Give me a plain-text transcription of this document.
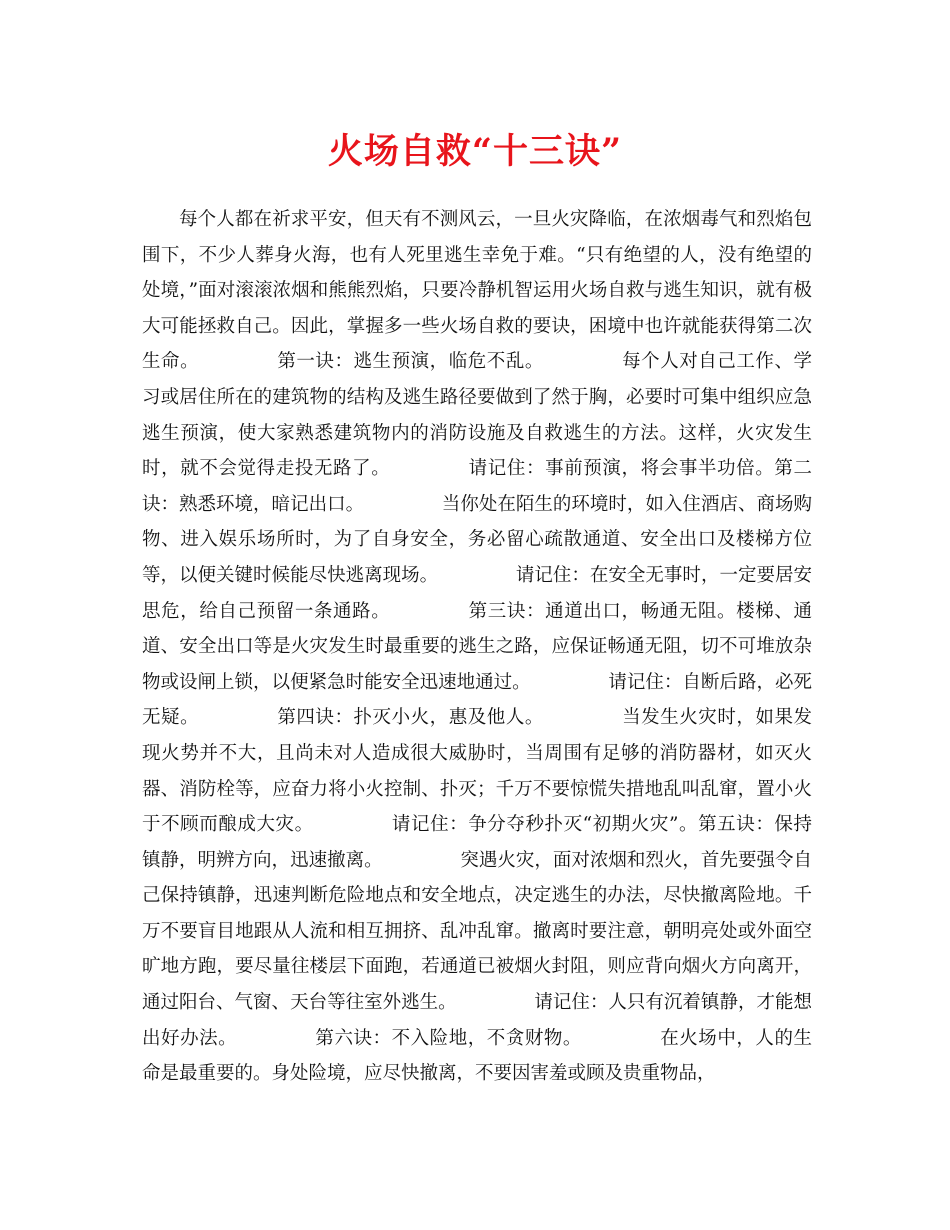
火场自救“十三诀”

每个人都在祈求平安，但天有不测风云，一旦火灾降临，在浓烟毒气和烈焰包围下，不少人葬身火海，也有人死里逃生幸免于难。“只有绝望的人，没有绝望的处境，”面对滚滚浓烟和熊熊烈焰，只要冷静机智运用火场自救与逃生知识，就有极大可能拯救自己。因此，掌握多一些火场自救的要诀，困境中也许就能获得第二次生命。	第一诀：逃生预演，临危不乱。	每个人对自己工作、学习或居住所在的建筑物的结构及逃生路径要做到了然于胸，必要时可集中组织应急逃生预演，使大家熟悉建筑物内的消防设施及自救逃生的方法。这样，火灾发生时，就不会觉得走投无路了。	请记住：事前预演，将会事半功倍。第二诀：熟悉环境，暗记出口。	当你处在陌生的环境时，如入住酒店、商场购物、进入娱乐场所时，为了自身安全，务必留心疏散通道、安全出口及楼梯方位等，以便关键时候能尽快逃离现场。	请记住：在安全无事时，一定要居安思危，给自己预留一条通路。	第三诀：通道出口，畅通无阻。楼梯、通道、安全出口等是火灾发生时最重要的逃生之路，应保证畅通无阻，切不可堆放杂物或设闸上锁，以便紧急时能安全迅速地通过。	请记住：自断后路，必死无疑。	第四诀：扑灭小火，惠及他人。	当发生火灾时，如果发现火势并不大，且尚未对人造成很大威胁时，当周围有足够的消防器材，如灭火器、消防栓等，应奋力将小火控制、扑灭；千万不要惊慌失措地乱叫乱窜，置小火于不顾而酿成大灾。	请记住：争分夺秒扑灭“初期火灾”。第五诀：保持镇静，明辨方向，迅速撤离。	突遇火灾，面对浓烟和烈火，首先要强令自己保持镇静，迅速判断危险地点和安全地点，决定逃生的办法，尽快撤离险地。千万不要盲目地跟从人流和相互拥挤、乱冲乱窜。撤离时要注意，朝明亮处或外面空旷地方跑，要尽量往楼层下面跑，若通道已被烟火封阻，则应背向烟火方向离开，通过阳台、气窗、天台等往室外逃生。	请记住：人只有沉着镇静，才能想出好办法。	第六诀：不入险地，不贪财物。	在火场中，人的生命是最重要的。身处险境，应尽快撤离，不要因害羞或顾及贵重物品，
